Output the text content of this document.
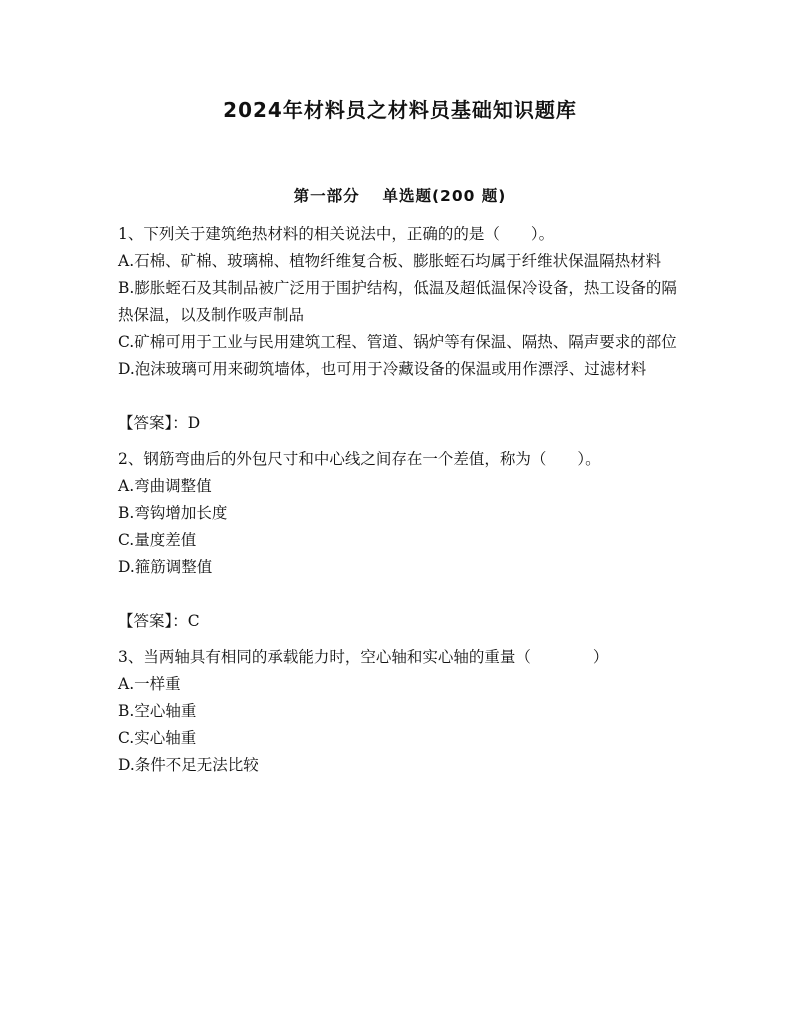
2024年材料员之材料员基础知识题库
第一部分　 单选题(200 题)
1、下列关于建筑绝热材料的相关说法中，正确的的是（　　）。
A.石棉、矿棉、玻璃棉、植物纤维复合板、膨胀蛭石均属于纤维状保温隔热材料
B.膨胀蛭石及其制品被广泛用于围护结构，低温及超低温保冷设备，热工设备的隔热保温，以及制作吸声制品
C.矿棉可用于工业与民用建筑工程、管道、锅炉等有保温、隔热、隔声要求的部位
D.泡沫玻璃可用来砌筑墙体，也可用于冷藏设备的保温或用作漂浮、过滤材料
【答案】：D
2、钢筋弯曲后的外包尺寸和中心线之间存在一个差值，称为（　　）。
A.弯曲调整值
B.弯钩增加长度
C.量度差值
D.箍筋调整值
【答案】：C
3、当两轴具有相同的承载能力时，空心轴和实心轴的重量（　　　　）
A.一样重
B.空心轴重
C.实心轴重
D.条件不足无法比较
